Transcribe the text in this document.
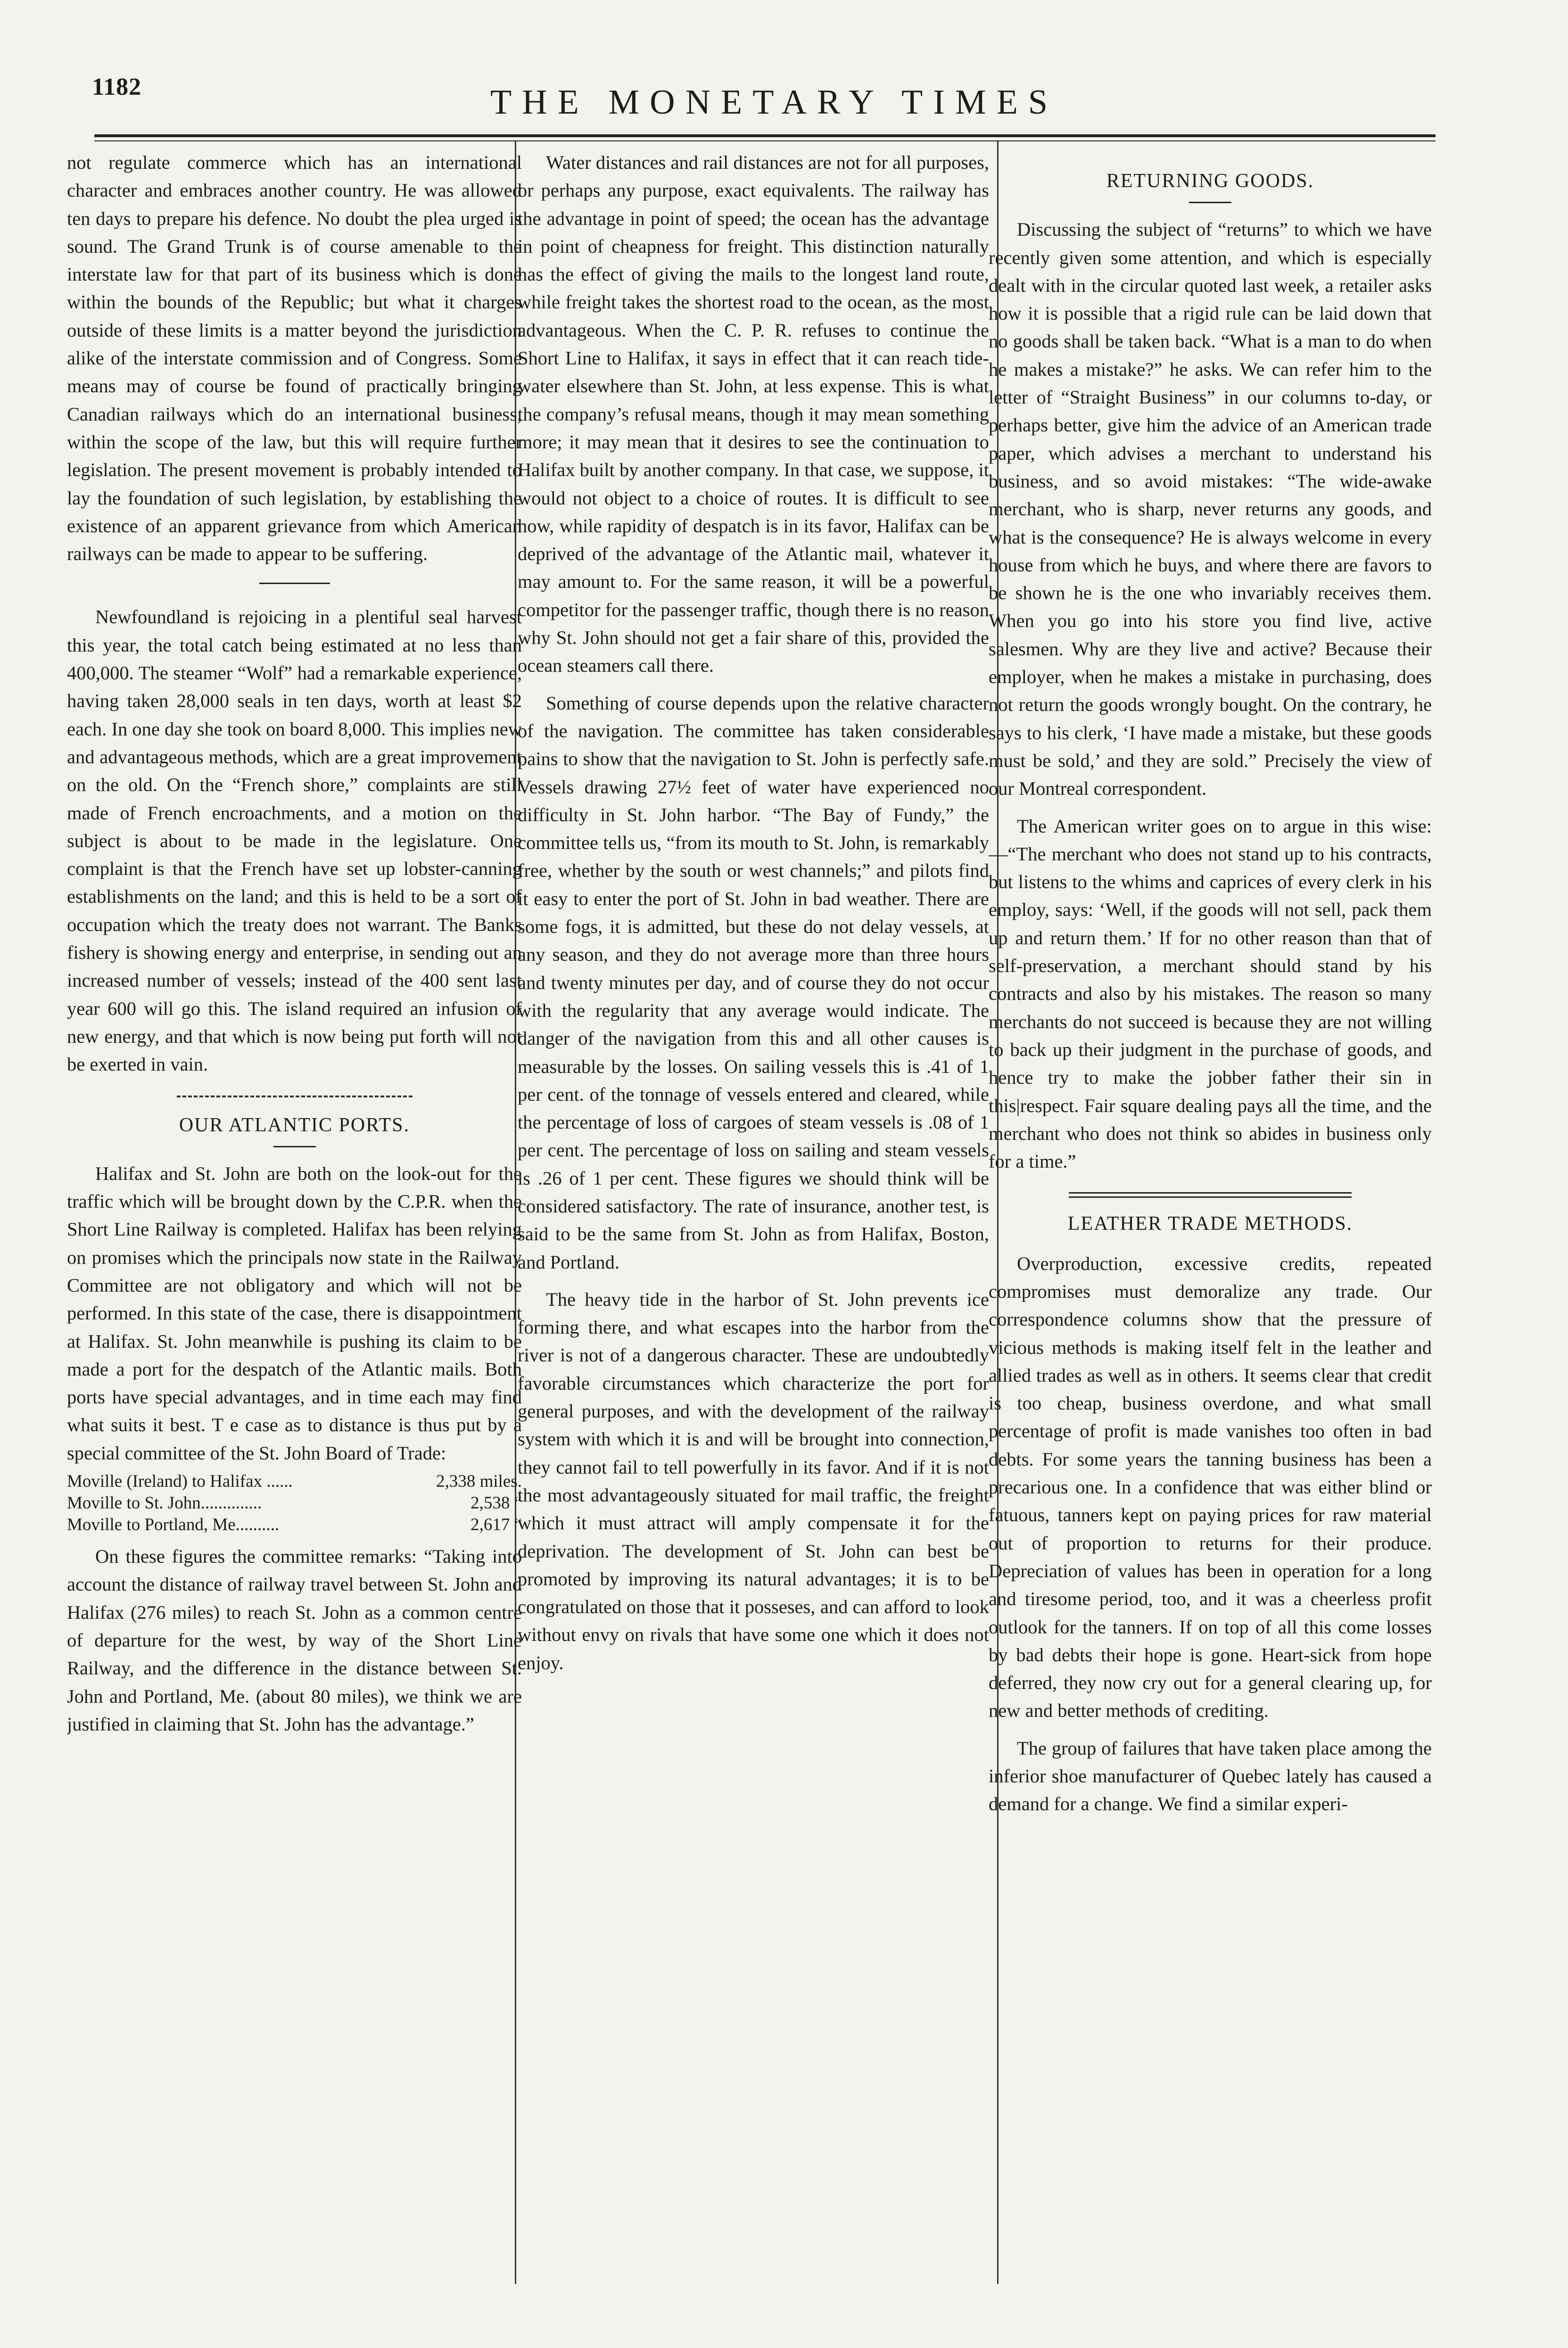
1182	THE MONETARY TIMES

not regulate commerce which has an international character and embraces another country. He was allowed ten days to prepare his defence. No doubt the plea urged is sound. The Grand Trunk is of course amenable to the interstate law for that part of its business which is done within the bounds of the Republic; but what it charges outside of these limits is a matter beyond the jurisdiction alike of the interstate commission and of Congress. Some means may of course be found of practically bringing Canadian railways which do an international business, within the scope of the law, but this will require further legislation. The present movement is probably intended to lay the foundation of such legislation, by establishing the existence of an apparent grievance from which American railways can be made to appear to be suffering.

Newfoundland is rejoicing in a plentiful seal harvest this year, the total catch being estimated at no less than 400,000. The steamer “Wolf” had a remarkable experience, having taken 28,000 seals in ten days, worth at least $2 each. In one day she took on board 8,000. This implies new and advantageous methods, which are a great improvement on the old. On the “French shore,” complaints are still made of French encroachments, and a motion on the subject is about to be made in the legislature. One complaint is that the French have set up lobster-canning establishments on the land; and this is held to be a sort of occupation which the treaty does not warrant. The Banks fishery is showing energy and enterprise, in sending out an increased number of vessels; instead of the 400 sent last year 600 will go this. The island required an infusion of new energy, and that which is now being put forth will not be exerted in vain.

OUR ATLANTIC PORTS.

Halifax and St. John are both on the look-out for the traffic which will be brought down by the C.P.R. when the Short Line Railway is completed. Halifax has been relying on promises which the principals now state in the Railway Committee are not obligatory and which will not be performed. In this state of the case, there is disappointment at Halifax. St. John meanwhile is pushing its claim to be made a port for the despatch of the Atlantic mails. Both ports have special advantages, and in time each may find what suits it best. T e case as to distance is thus put by a special committee of the St. John Board of Trade:

Moville (Ireland) to Halifax ......	2,338 miles.
Moville to St. John..............	2,538 “
Moville to Portland, Me..........	2,617 “

On these figures the committee remarks: “Taking into account the distance of railway travel between St. John and Halifax (276 miles) to reach St. John as a common centre of departure for the west, by way of the Short Line Railway, and the difference in the distance between St. John and Portland, Me. (about 80 miles), we think we are justified in claiming that St. John has the advantage.”

Water distances and rail distances are not for all purposes, or perhaps any purpose, exact equivalents. The railway has the advantage in point of speed; the ocean has the advantage in point of cheapness for freight. This distinction naturally has the effect of giving the mails to the longest land route, while freight takes the shortest road to the ocean, as the most advantageous. When the C. P. R. refuses to continue the Short Line to Halifax, it says in effect that it can reach tide-water elsewhere than St. John, at less expense. This is what the company’s refusal means, though it may mean something more; it may mean that it desires to see the continuation to Halifax built by another company. In that case, we suppose, it would not object to a choice of routes. It is difficult to see how, while rapidity of despatch is in its favor, Halifax can be deprived of the advantage of the Atlantic mail, whatever it may amount to. For the same reason, it will be a powerful competitor for the passenger traffic, though there is no reason why St. John should not get a fair share of this, provided the ocean steamers call there.

Something of course depends upon the relative character of the navigation. The committee has taken considerable pains to show that the navigation to St. John is perfectly safe. Vessels drawing 27½ feet of water have experienced no difficulty in St. John harbor. “The Bay of Fundy,” the committee tells us, “from its mouth to St. John, is remarkably free, whether by the south or west channels;” and pilots find it easy to enter the port of St. John in bad weather. There are some fogs, it is admitted, but these do not delay vessels, at any season, and they do not average more than three hours and twenty minutes per day, and of course they do not occur with the regularity that any average would indicate. The danger of the navigation from this and all other causes is measurable by the losses. On sailing vessels this is .41 of 1 per cent. of the tonnage of vessels entered and cleared, while the percentage of loss of cargoes of steam vessels is .08 of 1 per cent. The percentage of loss on sailing and steam vessels is .26 of 1 per cent. These figures we should think will be considered satisfactory. The rate of insurance, another test, is said to be the same from St. John as from Halifax, Boston, and Portland.

The heavy tide in the harbor of St. John prevents ice forming there, and what escapes into the harbor from the river is not of a dangerous character. These are undoubtedly favorable circumstances which characterize the port for general purposes, and with the development of the railway system with which it is and will be brought into connection, they cannot fail to tell powerfully in its favor. And if it is not the most advantageously situated for mail traffic, the freight which it must attract will amply compensate it for the deprivation. The development of St. John can best be promoted by improving its natural advantages; it is to be congratulated on those that it posseses, and can afford to look without envy on rivals that have some one which it does not enjoy.

RETURNING GOODS.

Discussing the subject of “returns” to which we have recently given some attention, and which is especially dealt with in the circular quoted last week, a retailer asks how it is possible that a rigid rule can be laid down that no goods shall be taken back. “What is a man to do when he makes a mistake?” he asks. We can refer him to the letter of “Straight Business” in our columns to-day, or perhaps better, give him the advice of an American trade paper, which advises a merchant to understand his business, and so avoid mistakes: “The wide-awake merchant, who is sharp, never returns any goods, and what is the consequence? He is always welcome in every house from which he buys, and where there are favors to be shown he is the one who invariably receives them. When you go into his store you find live, active salesmen. Why are they live and active? Because their employer, when he makes a mistake in purchasing, does not return the goods wrongly bought. On the contrary, he says to his clerk, ‘I have made a mistake, but these goods must be sold,’ and they are sold.” Precisely the view of our Montreal correspondent.

The American writer goes on to argue in this wise:—“The merchant who does not stand up to his contracts, but listens to the whims and caprices of every clerk in his employ, says: ‘Well, if the goods will not sell, pack them up and return them.’ If for no other reason than that of self-preservation, a merchant should stand by his contracts and also by his mistakes. The reason so many merchants do not succeed is because they are not willing to back up their judgment in the purchase of goods, and hence try to make the jobber father their sin in this|respect. Fair square dealing pays all the time, and the merchant who does not think so abides in business only for a time.”

LEATHER TRADE METHODS.

Overproduction, excessive credits, repeated compromises must demoralize any trade. Our correspondence columns show that the pressure of vicious methods is making itself felt in the leather and allied trades as well as in others. It seems clear that credit is too cheap, business overdone, and what small percentage of profit is made vanishes too often in bad debts. For some years the tanning business has been a precarious one. In a confidence that was either blind or fatuous, tanners kept on paying prices for raw material out of proportion to returns for their produce. Depreciation of values has been in operation for a long and tiresome period, too, and it was a cheerless profit outlook for the tanners. If on top of all this come losses by bad debts their hope is gone. Heart-sick from hope deferred, they now cry out for a general clearing up, for new and better methods of crediting.

The group of failures that have taken place among the inferior shoe manufacturer of Quebec lately has caused a demand for a change. We find a similar experi-
